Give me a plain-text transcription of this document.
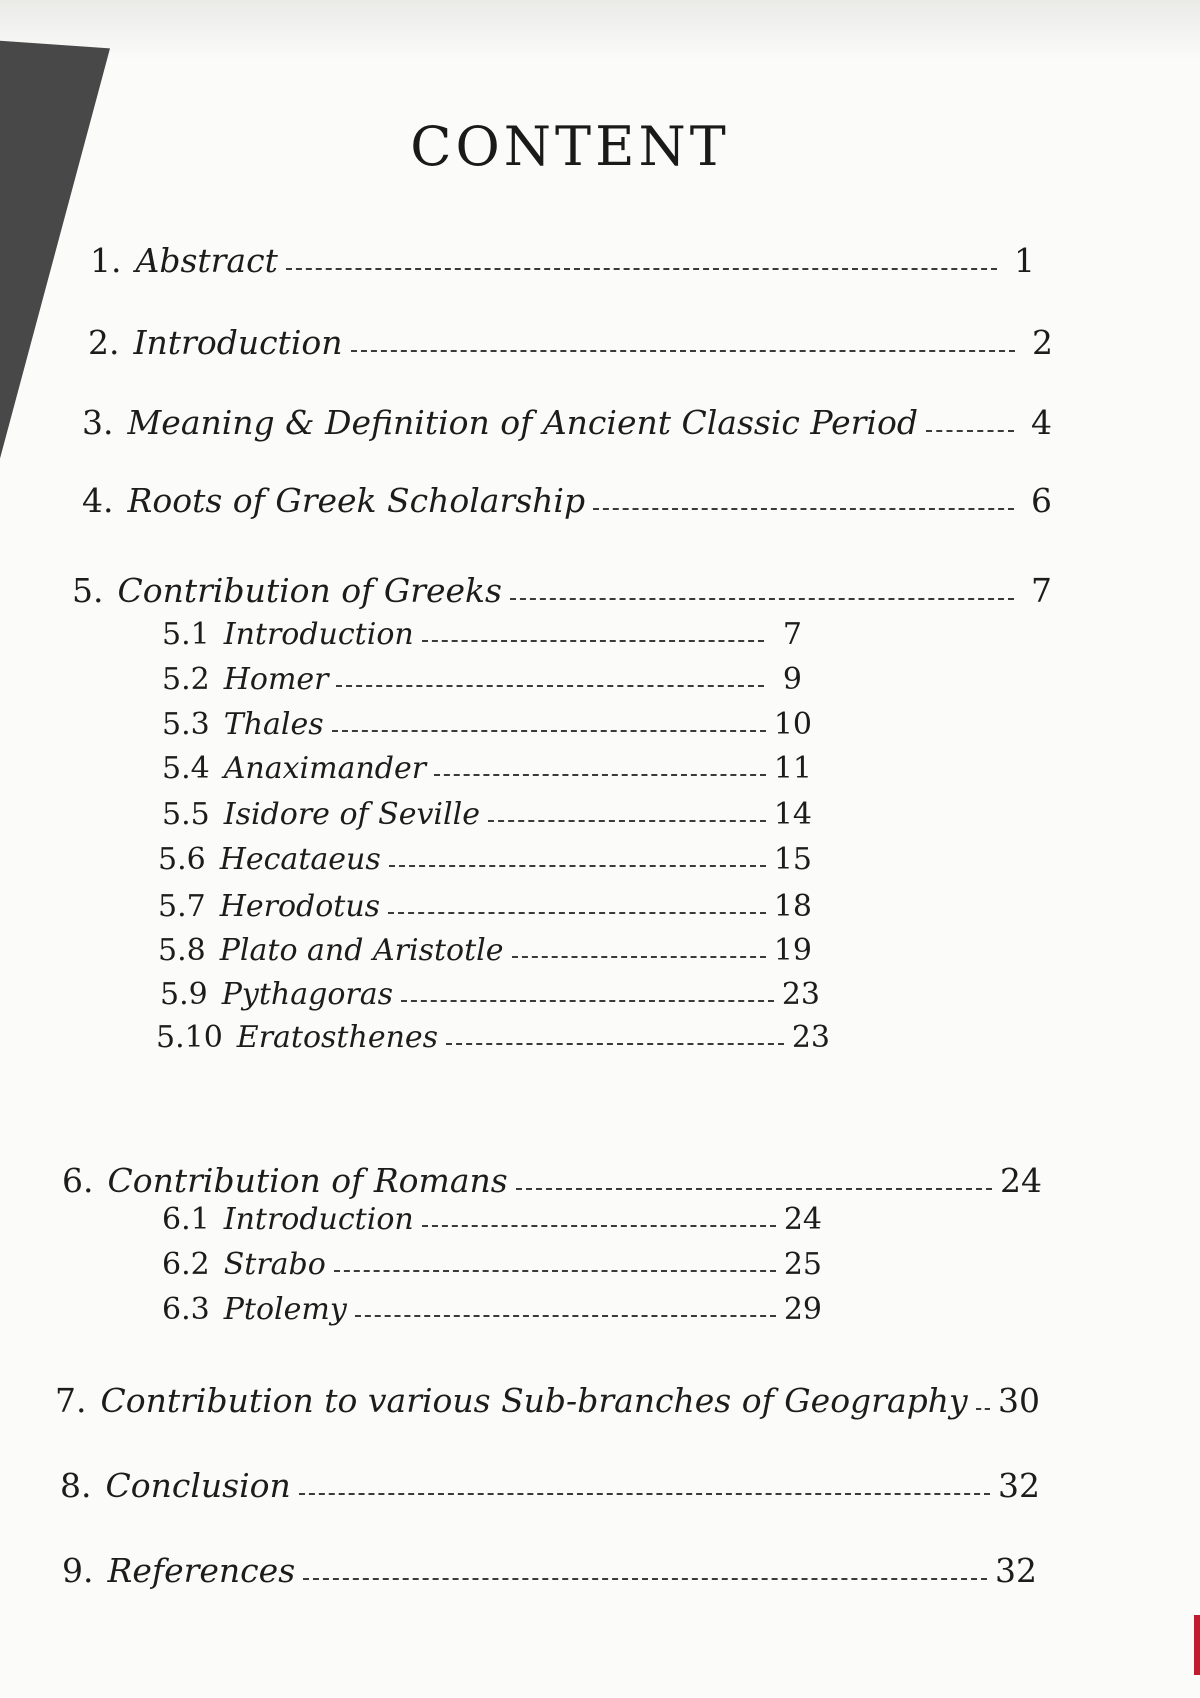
CONTENT
1. Abstract	1
2. Introduction	2
3. Meaning & Definition of Ancient Classic Period	4
4. Roots of Greek Scholarship	6
5. Contribution of Greeks	7
5.1 Introduction	7
5.2 Homer	9
5.3 Thales	10
5.4 Anaximander	11
5.5 Isidore of Seville	14
5.6 Hecataeus	15
5.7 Herodotus	18
5.8 Plato and Aristotle	19
5.9 Pythagoras	23
5.10 Eratosthenes	23
6. Contribution of Romans	24
6.1 Introduction	24
6.2 Strabo	25
6.3 Ptolemy	29
7. Contribution to various Sub-branches of Geography 30
8. Conclusion	32
9. References	32
